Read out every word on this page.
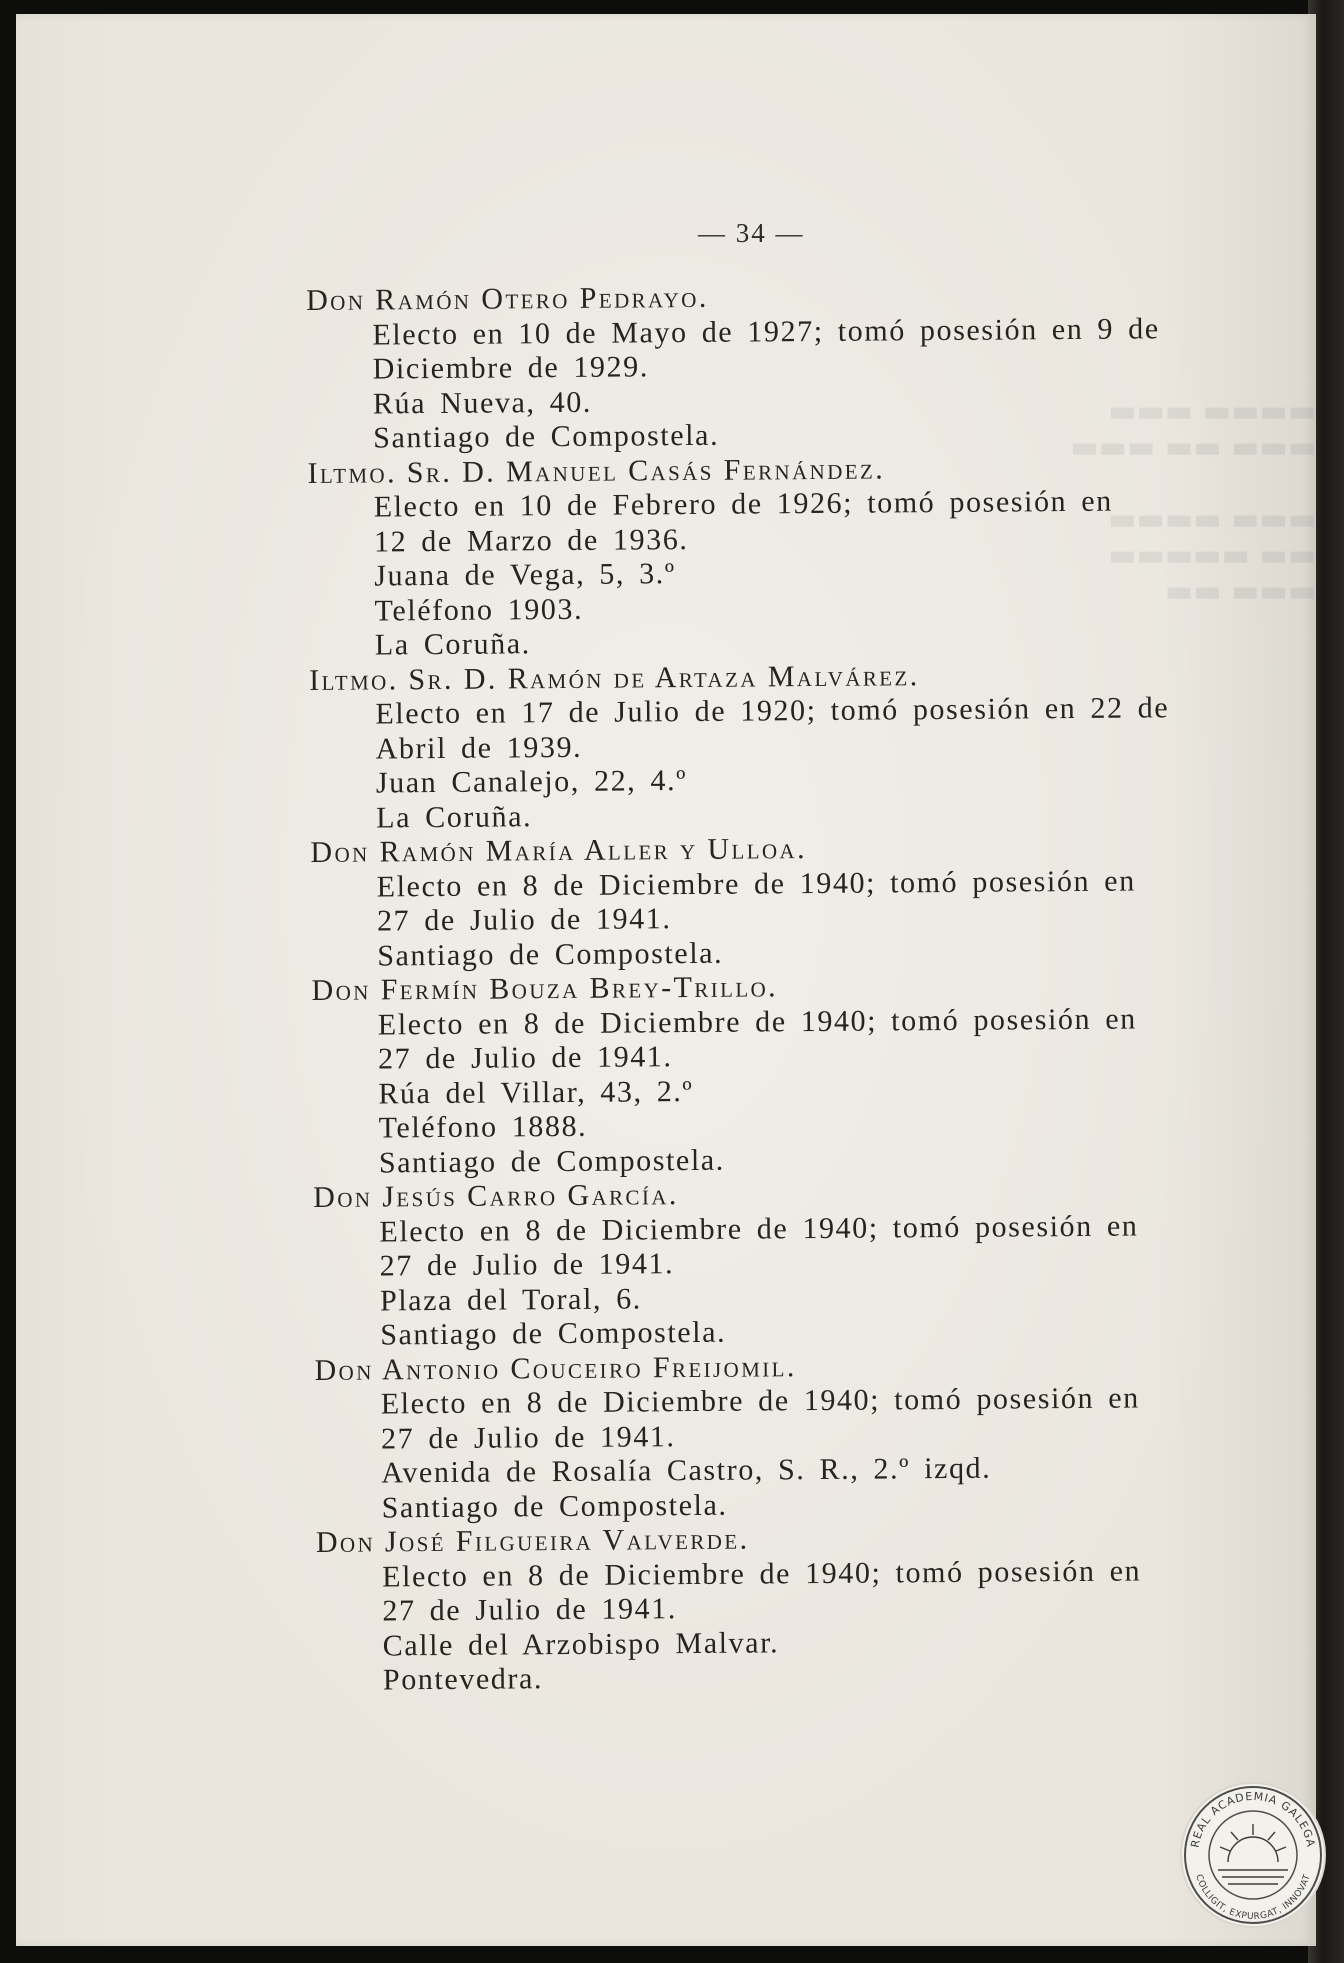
▬▬▬▬ ▬▬▬
▬▬▬ ▬▬ ▬▬▬

▬▬▬ ▬▬▬▬
▬▬ ▬▬▬▬▬
▬▬▬ ▬▬
— 34 —
Don Ramón Otero Pedrayo.
Electo en 10 de Mayo de 1927; tomó posesión en 9 de
Diciembre de 1929.
Rúa Nueva, 40.
Santiago de Compostela.
Iltmo. Sr. D. Manuel Casás Fernández.
Electo en 10 de Febrero de 1926; tomó posesión en
12 de Marzo de 1936.
Juana de Vega, 5, 3.º
Teléfono 1903.
La Coruña.
Iltmo. Sr. D. Ramón de Artaza Malvárez.
Electo en 17 de Julio de 1920; tomó posesión en 22 de
Abril de 1939.
Juan Canalejo, 22, 4.º
La Coruña.
Don Ramón María Aller y Ulloa.
Electo en 8 de Diciembre de 1940; tomó posesión en
27 de Julio de 1941.
Santiago de Compostela.
Don Fermín Bouza Brey-Trillo.
Electo en 8 de Diciembre de 1940; tomó posesión en
27 de Julio de 1941.
Rúa del Villar, 43, 2.º
Teléfono 1888.
Santiago de Compostela.
Don Jesús Carro García.
Electo en 8 de Diciembre de 1940; tomó posesión en
27 de Julio de 1941.
Plaza del Toral, 6.
Santiago de Compostela.
Don Antonio Couceiro Freijomil.
Electo en 8 de Diciembre de 1940; tomó posesión en
27 de Julio de 1941.
Avenida de Rosalía Castro, S. R., 2.º izqd.
Santiago de Compostela.
Don José Filgueira Valverde.
Electo en 8 de Diciembre de 1940; tomó posesión en
27 de Julio de 1941.
Calle del Arzobispo Malvar.
Pontevedra.
REAL ACADEMIA GALEGA
COLLIGIT, EXPURGAT, INNOVAT
